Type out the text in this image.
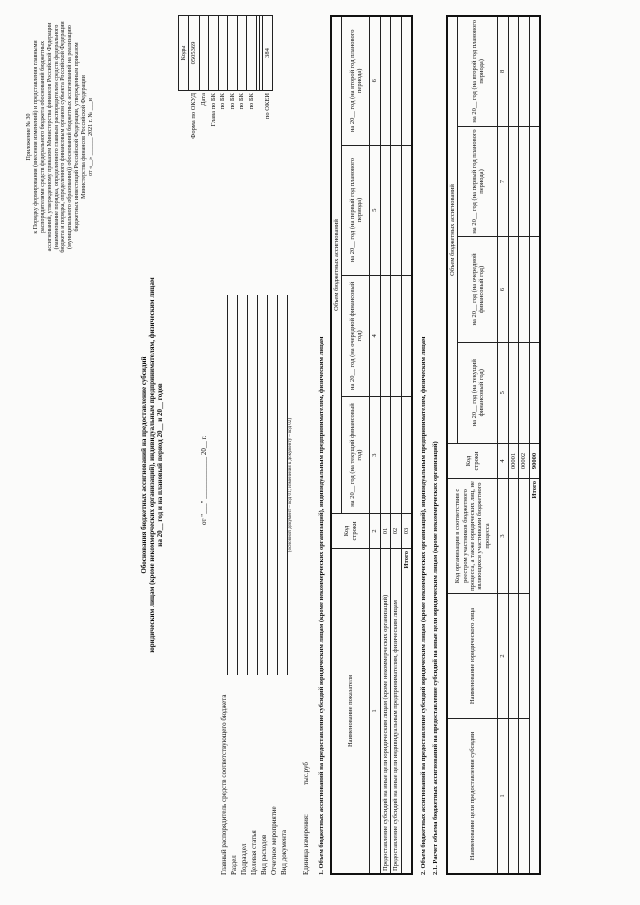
Приложение № 30 к Порядку формирования (внесения изменений) и представления главными распорядителями средств федерального бюджета обоснований бюджетных ассигнований, утвержденному приказом Министерства финансов Российской Федерации (наименование порядка, определенного главным распорядителем средств федерального бюджета и порядка, определенного финансовым органом субъекта Российской Федерации (муниципального образования)) обоснований бюджетных ассигнований на реализацию бюджетных инвестиций Российской Федерации, утвержденным приказом Министерства финансов Российской Федерации от «__» ______ 2021 г. № ___н
Обоснования бюджетных ассигнований на предоставление субсидий юридическим лицам (кроме некоммерческих организаций), индивидуальным предпринимателям, физическим лицам на 20__ год и на плановый период 20__ и 20__ годов	от "___" ____________ 20__ г.
	Коды
Форма по ОКУД	0505369
Дата	
Глава по БК	
по БК	
по БК	
по БК	
по БК	

по ОКЕИ	384
Главный распорядитель средств соответствующего бюджета Раздел Подраздел Целевая статья Вид расходов Отчетное мероприятие Вид документа
(основной документ – код 01; изменения к документу – код 02)
Единица измерения:
тыс.руб 1. Объем бюджетных ассигнований на предоставление субсидий юридическим лицам (кроме некоммерческих организаций), индивидуальным предпринимателям, физическим лицам	Наименование показателя	Код строки	Объем бюджетных ассигнований			
		на 20__ год (на текущий финансовый год)	на 20__ год (на очередной финансовый год)	на 20__ год (на первый год планового периода)	на 20__ год (на второй год планового периода)
1	2	3	4	5	6
Предоставление субсидий на иные цели юридическим лицам (кроме некоммерческих организаций)	01				
Предоставление субсидий на иные цели индивидуальным предпринимателям, физическим лицам	02				
Итого	03				2. Объем бюджетных ассигнований на предоставление субсидий юридическим лицам (кроме некоммерческих организаций), индивидуальным предпринимателям, физическим лицам 2.1. Расчет объема бюджетных ассигнований на предоставление субсидий на иные цели юридическим лицам (кроме некоммерческих организаций)	Наименование цели предоставления субсидии	Наименование юридического лица	Код организации в соответствии с реестром участников бюджетного процесса, а также юридических лиц, не являющихся участниками бюджетного процесса	Код строки	Объем бюджетных ассигнований			
				на 20__ год (на текущий финансовый год)	на 20__ год (на очередной финансовый год)	на 20__ год (на первый год планового периода)	на 20__ год (на второй год планового периода)
1	2	3	4	5	6	7	8
			00001				
			00002				
Итого			90000				
